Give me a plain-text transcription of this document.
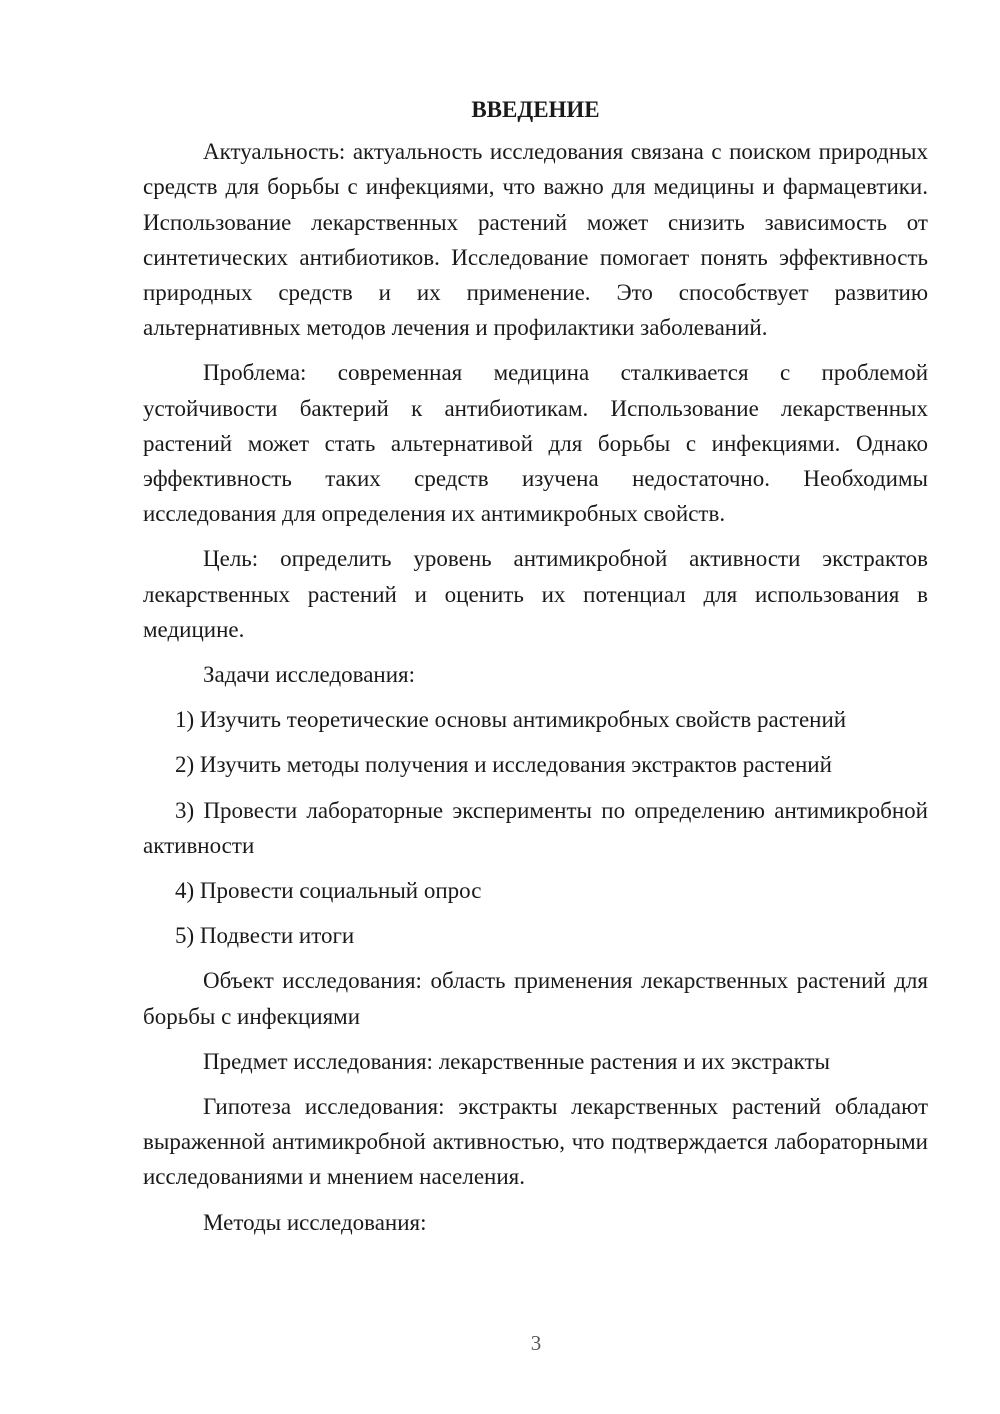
ВВЕДЕНИЕ

Актуальность: актуальность исследования связана с поиском природных средств для борьбы с инфекциями, что важно для медицины и фармацевтики. Использование лекарственных растений может снизить зависимость от синтетических антибиотиков. Исследование помогает понять эффективность природных средств и их применение. Это способствует развитию альтернативных методов лечения и профилактики заболеваний.

Проблема: современная медицина сталкивается с проблемой устойчивости бактерий к антибиотикам. Использование лекарственных растений может стать альтернативой для борьбы с инфекциями. Однако эффективность таких средств изучена недостаточно. Необходимы исследования для определения их антимикробных свойств.

Цель: определить уровень антимикробной активности экстрактов лекарственных растений и оценить их потенциал для использования в медицине.

Задачи исследования:

1) Изучить теоретические основы антимикробных свойств растений

2) Изучить методы получения и исследования экстрактов растений

3) Провести лабораторные эксперименты по определению антимикробной активности

4) Провести социальный опрос

5) Подвести итоги

Объект исследования: область применения лекарственных растений для борьбы с инфекциями

Предмет исследования: лекарственные растения и их экстракты

Гипотеза исследования: экстракты лекарственных растений обладают выраженной антимикробной активностью, что подтверждается лабораторными исследованиями и мнением населения.

Методы исследования:

3
